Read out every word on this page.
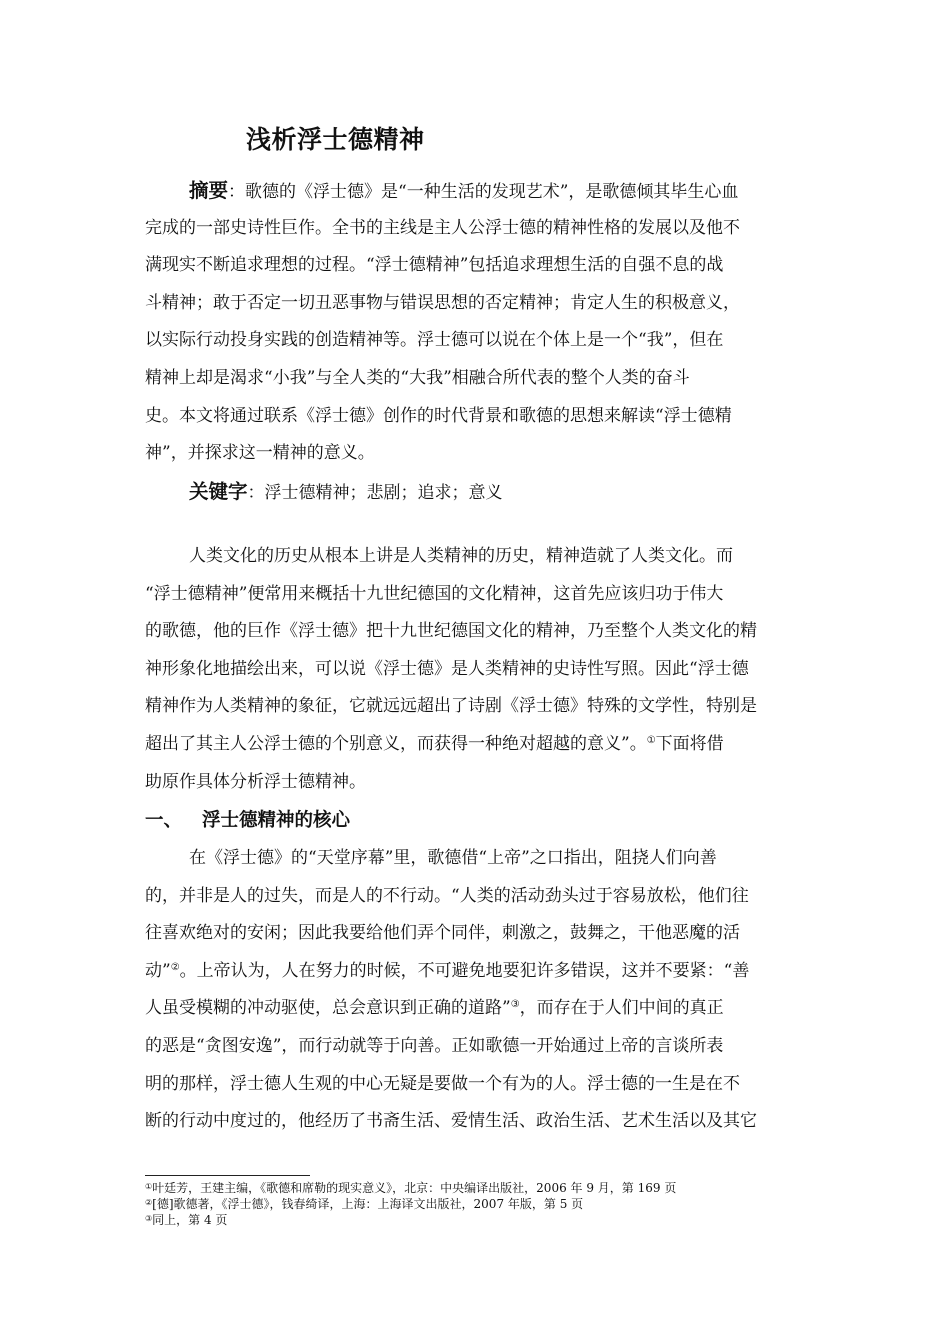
浅析浮士德精神
摘要：歌德的《浮士德》是“一种生活的发现艺术”，是歌德倾其毕生心血
完成的一部史诗性巨作。全书的主线是主人公浮士德的精神性格的发展以及他不
满现实不断追求理想的过程。“浮士德精神”包括追求理想生活的自强不息的战
斗精神；敢于否定一切丑恶事物与错误思想的否定精神；肯定人生的积极意义，
以实际行动投身实践的创造精神等。浮士德可以说在个体上是一个“我”，但在
精神上却是渴求“小我”与全人类的“大我”相融合所代表的整个人类的奋斗
史。本文将通过联系《浮士德》创作的时代背景和歌德的思想来解读“浮士德精
神”，并探求这一精神的意义。
关键字：浮士德精神；悲剧；追求；意义
人类文化的历史从根本上讲是人类精神的历史，精神造就了人类文化。而
“浮士德精神”便常用来概括十九世纪德国的文化精神，这首先应该归功于伟大
的歌德，他的巨作《浮士德》把十九世纪德国文化的精神，乃至整个人类文化的精
神形象化地描绘出来，可以说《浮士德》是人类精神的史诗性写照。因此“浮士德
精神作为人类精神的象征，它就远远超出了诗剧《浮士德》特殊的文学性，特别是
超出了其主人公浮士德的个别意义，而获得一种绝对超越的意义”。①下面将借
助原作具体分析浮士德精神。
一、 浮士德精神的核心
在《浮士德》的“天堂序幕”里，歌德借“上帝”之口指出，阻挠人们向善
的，并非是人的过失，而是人的不行动。“人类的活动劲头过于容易放松，他们往
往喜欢绝对的安闲；因此我要给他们弄个同伴，刺激之，鼓舞之，干他恶魔的活
动”②。上帝认为，人在努力的时候，不可避免地要犯许多错误，这并不要紧：“善
人虽受模糊的冲动驱使，总会意识到正确的道路”③，而存在于人们中间的真正
的恶是“贪图安逸”，而行动就等于向善。正如歌德一开始通过上帝的言谈所表
明的那样，浮士德人生观的中心无疑是要做一个有为的人。浮士德的一生是在不
断的行动中度过的，他经历了书斋生活、爱情生活、政治生活、艺术生活以及其它
①叶廷芳，王建主编，《歌德和席勒的现实意义》，北京：中央编译出版社，2006 年 9 月，第 169 页
②[德]歌德著，《浮士德》，钱春绮译，上海：上海译文出版社，2007 年版，第 5 页
③同上，第 4 页
